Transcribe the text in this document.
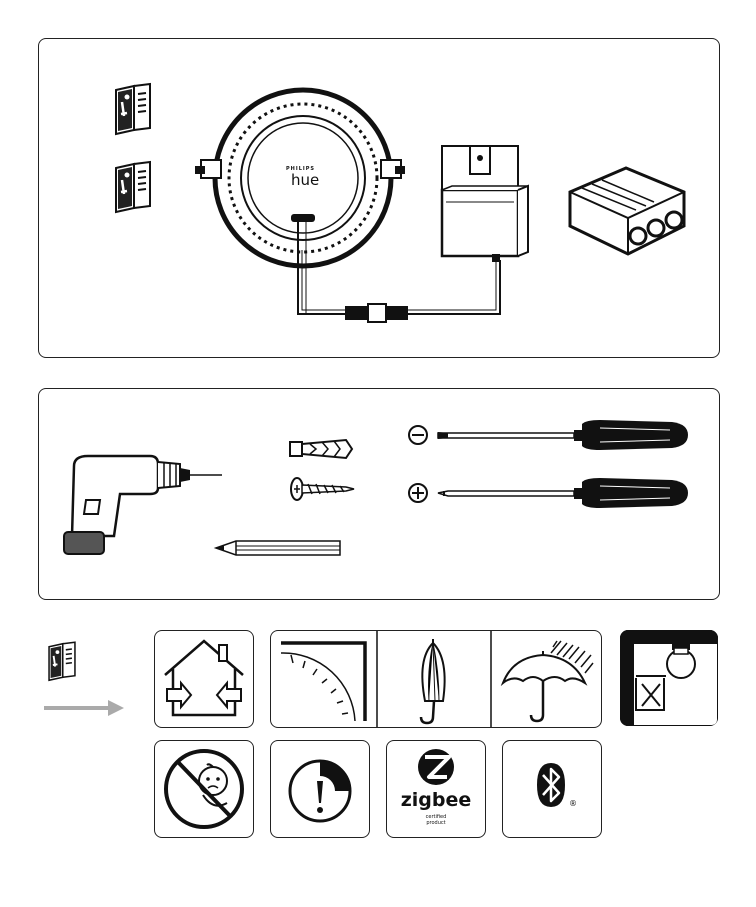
PHILIPS
hue
zigbee
certified
product
®
